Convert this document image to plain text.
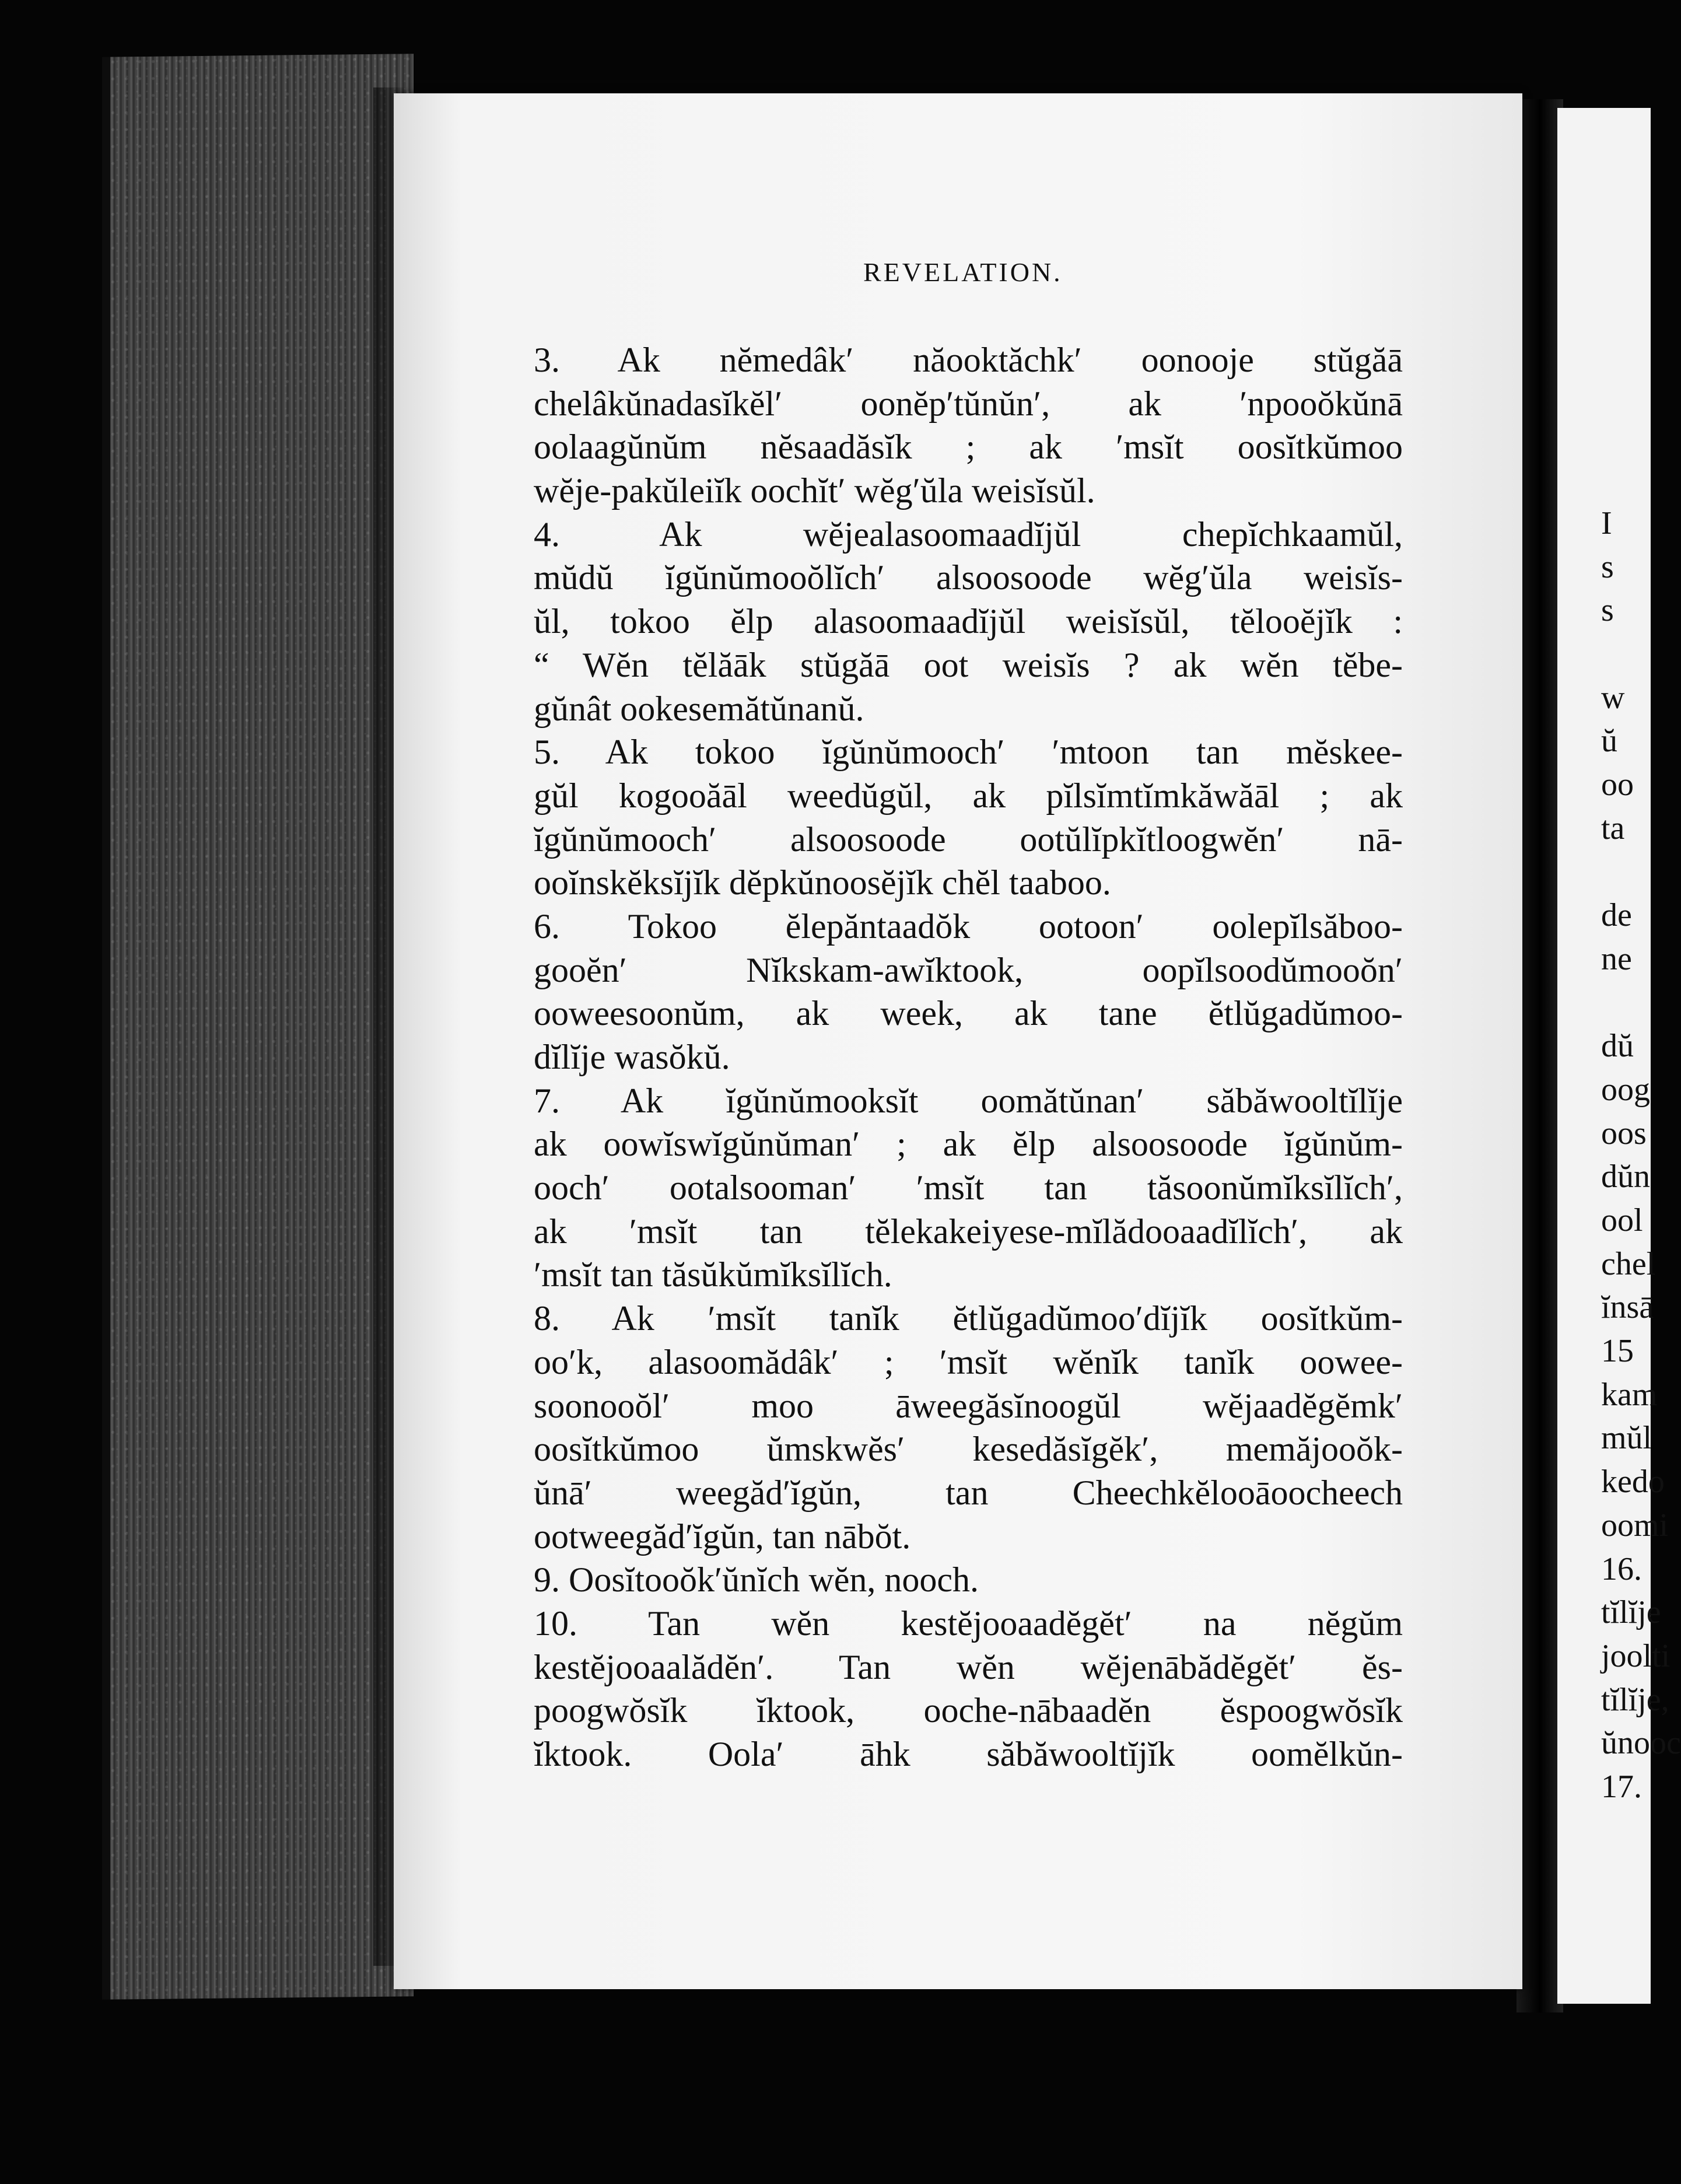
REVELATION.
3. Ak nĕmedâk′ năooktăchk′ oonooje stŭgăā
chelâkŭnadasĭkĕl′ oonĕp′tŭnŭn′, ak ′npooŏkŭnā
oolaagŭnŭm nĕsaadăsĭk ; ak ′msĭt oosĭtkŭmoo
wĕje-pakŭleiĭk oochĭt′ wĕg′ŭla weisĭsŭl.
4. Ak wĕjealasoomaadĭjŭl chepĭchkaamŭl,
mŭdŭ ĭgŭnŭmooŏlĭch′ alsoosoode wĕg′ŭla weisĭs-
ŭl, tokoo ĕlp alasoomaadĭjŭl weisĭsŭl, tĕlooĕjĭk :
“ Wĕn tĕlăāk stŭgăā oot weisĭs ? ak wĕn tĕbe-
gŭnât ookesemătŭnanŭ.
5. Ak tokoo ĭgŭnŭmooch′ ′mtoon tan mĕskee-
gŭl kogooăāl weedŭgŭl, ak pĭlsĭmtĭmkăwăāl ; ak
ĭgŭnŭmooch′ alsoosoode ootŭlĭpkĭtloogwĕn′ nā-
ooĭnskĕksĭjĭk dĕpkŭnoosĕjĭk chĕl taaboo.
6. Tokoo ĕlepăntaadŏk ootoon′ oolepĭlsăboo-
gooĕn′ Nĭkskam-awĭktook, oopĭlsoodŭmooŏn′
ooweesoonŭm, ak week, ak tane ĕtlŭgadŭmoo-
dĭlĭje wasŏkŭ.
7. Ak ĭgŭnŭmooksĭt oomătŭnan′ săbăwooltĭlĭje
ak oowĭswĭgŭnŭman′ ; ak ĕlp alsoosoode ĭgŭnŭm-
ooch′ ootalsooman′ ′msĭt tan tăsoonŭmĭksĭlĭch′,
ak ′msĭt tan tĕlekakeiyese-mĭlădooaadĭlĭch′, ak
′msĭt tan tăsŭkŭmĭksĭlĭch.
8. Ak ′msĭt tanĭk ĕtlŭgadŭmoo′dĭjĭk oosĭtkŭm-
oo′k, alasoomădâk′ ; ′msĭt wĕnĭk tanĭk oowee-
soonooŏl′ moo āweegăsĭnoogŭl wĕjaadĕgĕmk′
oosĭtkŭmoo ŭmskwĕs′ kesedăsĭgĕk′, memăjooŏk-
ŭnā′ weegăd′ĭgŭn, tan Cheechkĕlooāoocheech
ootweegăd′ĭgŭn, tan nābŏt.
9. Oosĭtooŏk′ŭnĭch wĕn, nooch.
10. Tan wĕn kestĕjooaadĕgĕt′ na nĕgŭm
kestĕjooaalădĕn′. Tan wĕn wĕjenābădĕgĕt′ ĕs-
poogwŏsĭk ĭktook, ooche-nābaadĕn ĕspoogwŏsĭk
ĭktook. Oola′ āhk săbăwooltĭjĭk oomĕlkŭn-
I
s
s
w
ŭ
oo
ta
de
ne
dŭ
oog
oos
dŭn
ool
chel
ĭnsā
15
kam
mŭl
kedo
oomi
16.
tĭlĭje
joolti
tĭlĭje,
ŭnooc
17.
